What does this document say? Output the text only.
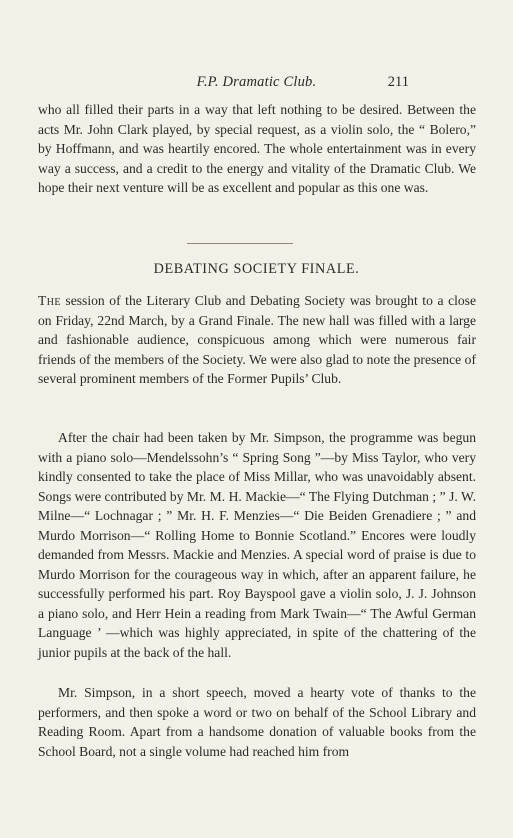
F.P. Dramatic Club.	211

who all filled their parts in a way that left nothing to be desired. Between the acts Mr. John Clark played, by special request, as a violin solo, the “ Bolero,” by Hoffmann, and was heartily encored. The whole entertainment was in every way a success, and a credit to the energy and vitality of the Dramatic Club. We hope their next venture will be as excellent and popular as this one was.

DEBATING SOCIETY FINALE.

The session of the Literary Club and Debating Society was brought to a close on Friday, 22nd March, by a Grand Finale. The new hall was filled with a large and fashionable audience, conspicuous among which were numerous fair friends of the members of the Society. We were also glad to note the presence of several prominent members of the Former Pupils’ Club.

After the chair had been taken by Mr. Simpson, the programme was begun with a piano solo—Mendelssohn’s “ Spring Song ”—by Miss Taylor, who very kindly consented to take the place of Miss Millar, who was unavoidably absent. Songs were contributed by Mr. M. H. Mackie—“ The Flying Dutchman ; ” J. W. Milne—“ Lochnagar ; ” Mr. H. F. Menzies—“ Die Beiden Grenadiere ; ” and Murdo Morrison—“ Rolling Home to Bonnie Scotland.” Encores were loudly demanded from Messrs. Mackie and Menzies. A special word of praise is due to Murdo Morrison for the courageous way in which, after an apparent failure, he successfully performed his part. Roy Bayspool gave a violin solo, J. J. Johnson a piano solo, and Herr Hein a reading from Mark Twain—“ The Awful German Language ’ —which was highly appreciated, in spite of the chattering of the junior pupils at the back of the hall.

Mr. Simpson, in a short speech, moved a hearty vote of thanks to the performers, and then spoke a word or two on behalf of the School Library and Reading Room. Apart from a handsome donation of valuable books from the School Board, not a single volume had reached him from
